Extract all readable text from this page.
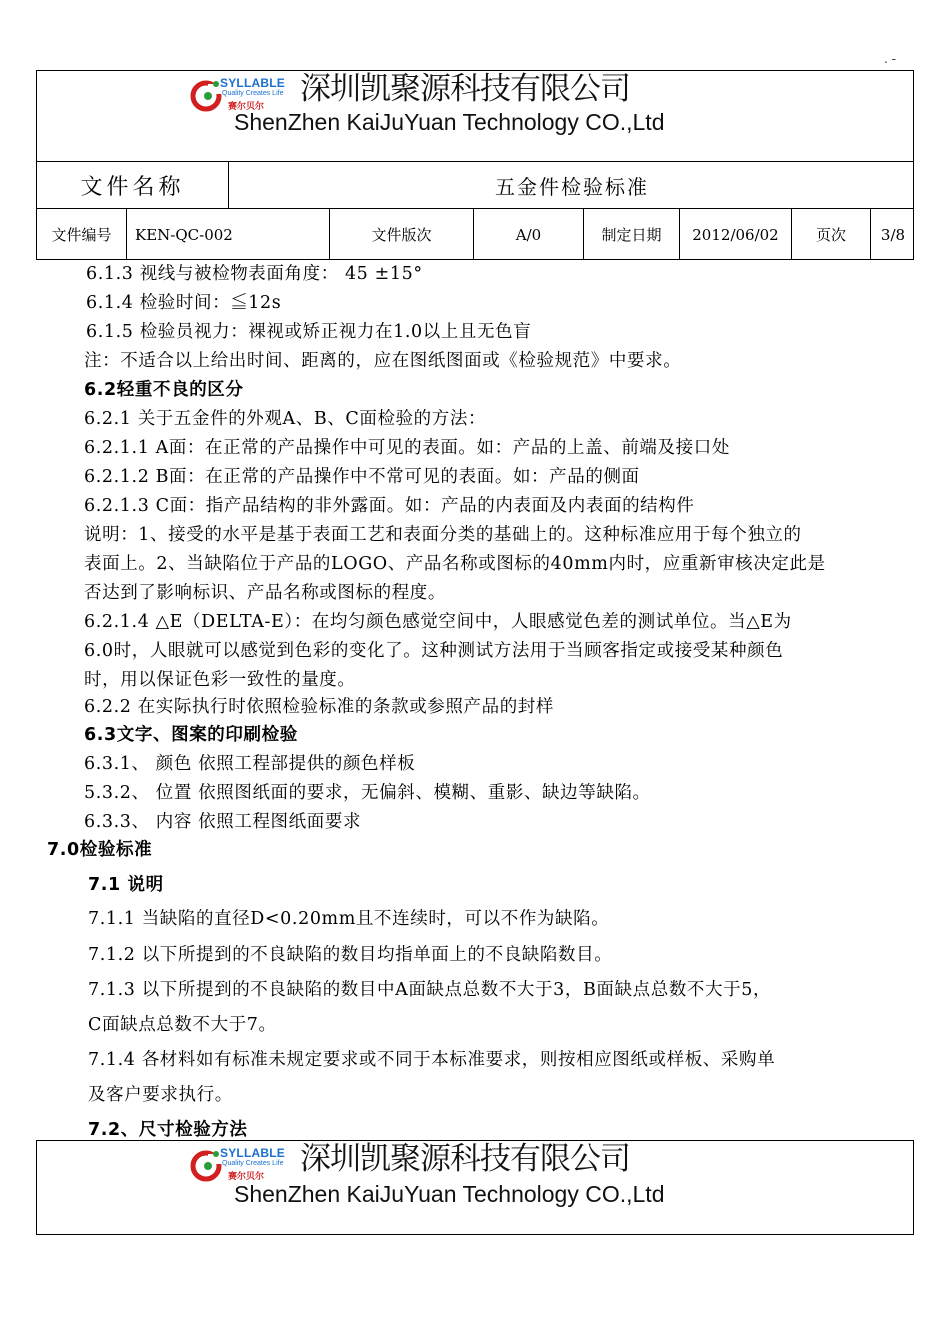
. -
SYLLABLE
Quality Creates Life
赛尔贝尔 深圳凯聚源科技有限公司
ShenZhen KaiJuYuan Technology CO.,Ltd
文件名称	五金件检验标准
文件编号	KEN-QC-002	文件版次	A/0	制定日期	2012/06/02	页次	3/8
6.1.3 视线与被检物表面角度： 45 ±15°
6.1.4 检验时间：≦12s
6.1.5 检验员视力：裸视或矫正视力在1.0以上且无色盲
注：不适合以上给出时间、距离的，应在图纸图面或《检验规范》中要求。
6.2轻重不良的区分
6.2.1 关于五金件的外观A、B、C面检验的方法：
6.2.1.1 A面：在正常的产品操作中可见的表面。如：产品的上盖、前端及接口处
6.2.1.2 B面：在正常的产品操作中不常可见的表面。如：产品的侧面
6.2.1.3 C面：指产品结构的非外露面。如：产品的内表面及内表面的结构件
说明：1、接受的水平是基于表面工艺和表面分类的基础上的。这种标准应用于每个独立的
表面上。2、当缺陷位于产品的LOGO、产品名称或图标的40mm内时，应重新审核决定此是
否达到了影响标识、产品名称或图标的程度。
6.2.1.4 △E（DELTA-E）：在均匀颜色感觉空间中，人眼感觉色差的测试单位。当△E为
6.0时，人眼就可以感觉到色彩的变化了。这种测试方法用于当顾客指定或接受某种颜色
时，用以保证色彩一致性的量度。
6.2.2 在实际执行时依照检验标准的条款或参照产品的封样
6.3文字、图案的印刷检验
6.3.1、 颜色 依照工程部提供的颜色样板
5.3.2、 位置 依照图纸面的要求，无偏斜、模糊、重影、缺边等缺陷。
6.3.3、 内容 依照工程图纸面要求
7.0检验标准
7.1 说明
7.1.1 当缺陷的直径D<0.20mm且不连续时，可以不作为缺陷。
7.1.2 以下所提到的不良缺陷的数目均指单面上的不良缺陷数目。
7.1.3 以下所提到的不良缺陷的数目中A面缺点总数不大于3，B面缺点总数不大于5，
C面缺点总数不大于7。
7.1.4 各材料如有标准未规定要求或不同于本标准要求，则按相应图纸或样板、采购单
及客户要求执行。
7.2、尺寸检验方法
SYLLABLE
Quality Creates Life
赛尔贝尔 深圳凯聚源科技有限公司
ShenZhen KaiJuYuan Technology CO.,Ltd
